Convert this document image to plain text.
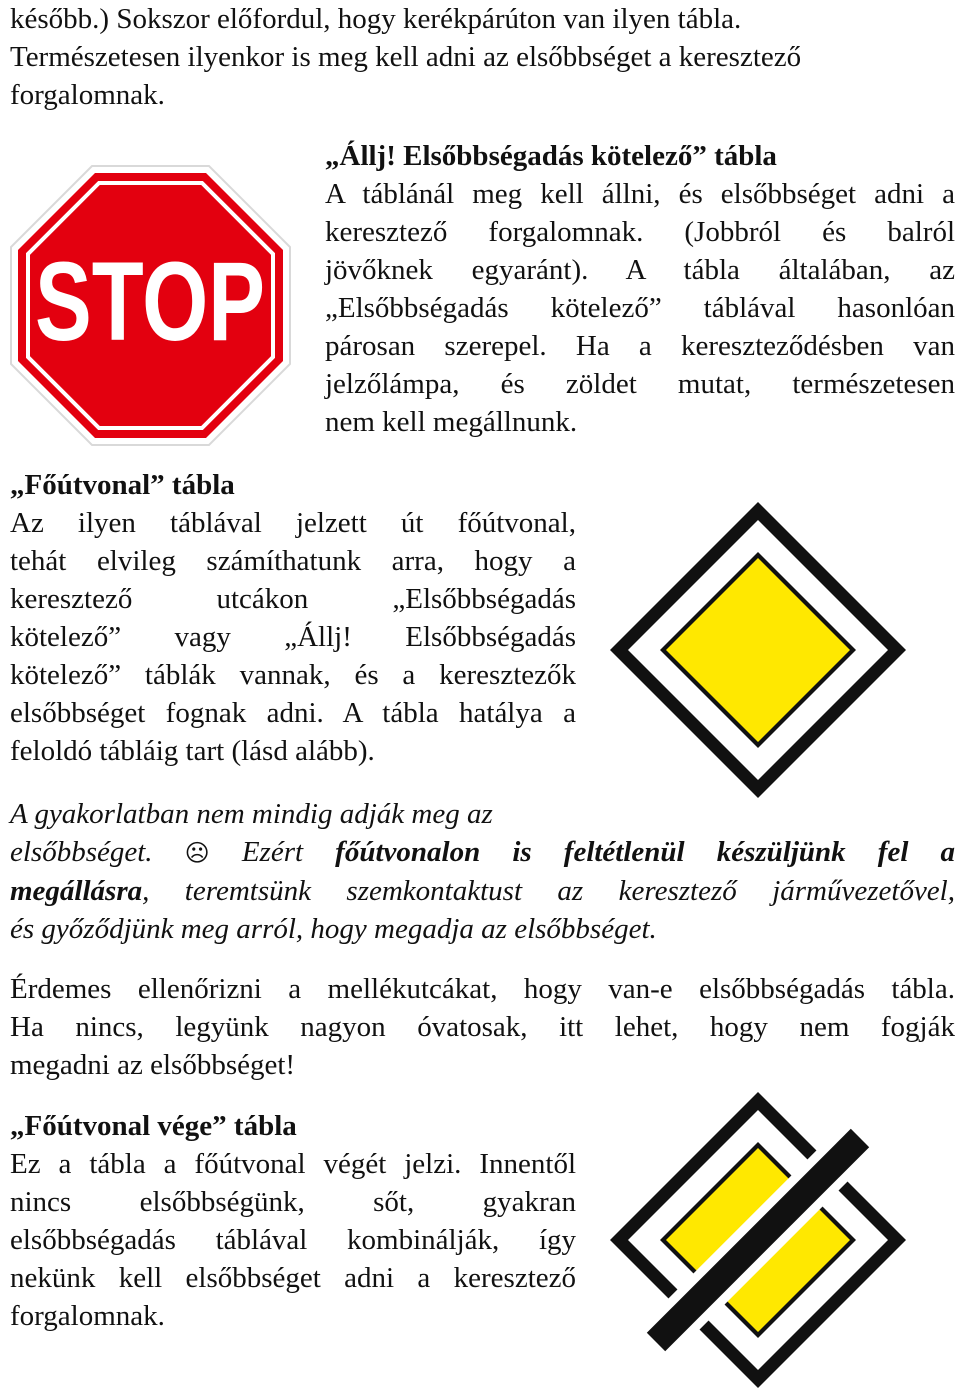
később.) Sokszor előfordul, hogy kerékpárúton van ilyen tábla.
Természetesen ilyenkor is meg kell adni az elsőbbséget a keresztező
forgalomnak.
STOP
„Állj! Elsőbbségadás kötelező” tábla
A táblánál meg kell állni, és elsőbbséget adni a
keresztező forgalomnak. (Jobbról és balról
jövőknek egyaránt). A tábla általában, az
„Elsőbbségadás kötelező” táblával hasonlóan
párosan szerepel. Ha a kereszteződésben van
jelzőlámpa, és zöldet mutat, természetesen
nem kell megállnunk.
„Főútvonal” tábla
Az ilyen táblával jelzett út főútvonal,
tehát elvileg számíthatunk arra, hogy a
keresztező utcákon „Elsőbbségadás
kötelező” vagy „Állj! Elsőbbségadás
kötelező” táblák vannak, és a keresztezők
elsőbbséget fognak adni. A tábla hatálya a
feloldó tábláig tart (lásd alább).
A gyakorlatban nem mindig adják meg az
elsőbbséget. ☹ Ezért főútvonalon is feltétlenül készüljünk fel a
megállásra, teremtsünk szemkontaktust az keresztező járművezetővel,
és győződjünk meg arról, hogy megadja az elsőbbséget.
Érdemes ellenőrizni a mellékutcákat, hogy van-e elsőbbségadás tábla.
Ha nincs, legyünk nagyon óvatosak, itt lehet, hogy nem fogják
megadni az elsőbbséget!
„Főútvonal vége” tábla
Ez a tábla a főútvonal végét jelzi. Innentől
nincs elsőbbségünk, sőt, gyakran
elsőbbségadás táblával kombinálják, így
nekünk kell elsőbbséget adni a keresztező
forgalomnak.
